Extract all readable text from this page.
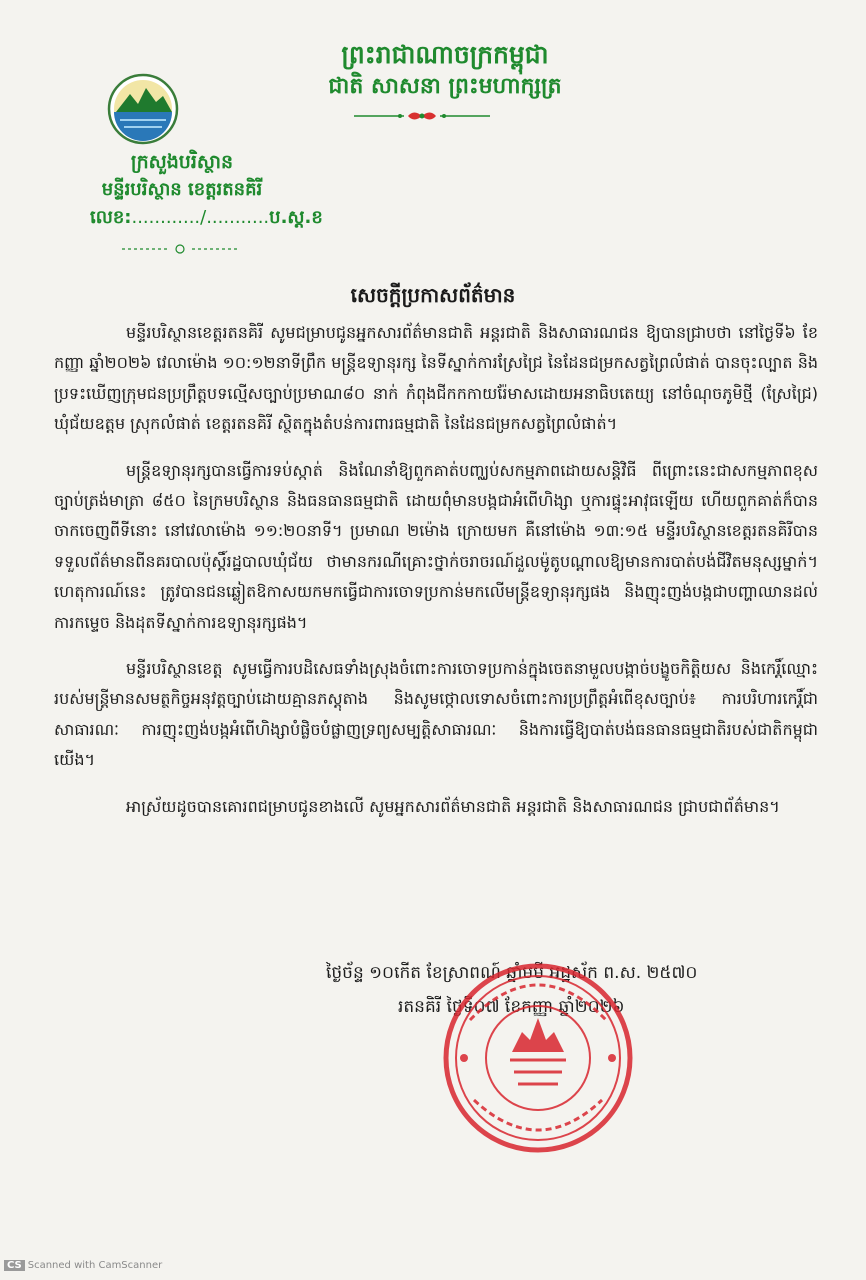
ព្រះរាជាណាចក្រកម្ពុជា
ជាតិ សាសនា ព្រះមហាក្សត្រ
ក្រសួងបរិស្ថាន
មន្ទីរបរិស្ថាន ខេត្តរតនគិរី
លេខ:............/...........ប.ស្ត.ខ
សេចក្តីប្រកាសព័ត៌មាន

មន្ទីរបរិស្ថានខេត្តរតនគិរី សូមជម្រាបជូនអ្នកសារព័ត៌មានជាតិ អន្តរជាតិ និងសាធារណជន ឱ្យបានជ្រាបថា នៅថ្ងៃទី៦ ខែកញ្ញា ឆ្នាំ២០២៦ វេលាម៉ោង ១០:១២នាទីព្រឹក មន្ត្រីឧទ្យានុរក្ស នៃទីស្នាក់ការស្រែជ្រៃ នៃដែនជម្រកសត្វព្រៃលំផាត់ បានចុះល្បាត និងប្រទះឃើញក្រុមជនប្រព្រឹត្តបទល្មើសច្បាប់ប្រមាណ៨០ នាក់ កំពុងជីកកកាយរ៉ែមាសដោយអនាធិបតេយ្យ នៅចំណុចភូមិថ្មី (ស្រែជ្រៃ) ឃុំជ័យឧត្តម ស្រុកលំផាត់ ខេត្តរតនគិរី ស្ថិតក្នុងតំបន់ការពារធម្មជាតិ នៃដែនជម្រកសត្វព្រៃលំផាត់។

មន្ត្រីឧទ្យានុរក្សបានធ្វើការទប់ស្កាត់ និងណែនាំឱ្យពួកគាត់បញ្ឈប់សកម្មភាពដោយសន្តិវិធី ពីព្រោះនេះជាសកម្មភាពខុសច្បាប់ត្រង់មាត្រា ៨៥០ នៃក្រមបរិស្ថាន និងធនធានធម្មជាតិ ដោយពុំមានបង្កជាអំពើហិង្សា ឬការផ្ទុះអាវុធឡើយ ហើយពួកគាត់ក៏បានចាកចេញពីទីនោះ នៅវេលាម៉ោង ១១:២០នាទី។ ប្រមាណ ២ម៉ោង ក្រោយមក គឺនៅម៉ោង ១៣:១៥ មន្ទីរបរិស្ថានខេត្តរតនគិរីបានទទួលព័ត៌មានពីនគរបាលប៉ុស្តិ៍រដ្ឋបាលឃុំជ័យ ថាមានករណីគ្រោះថ្នាក់ចរាចរណ៍ដួលម៉ូតូបណ្តាលឱ្យមានការបាត់បង់ជីវិតមនុស្សម្នាក់។ ហេតុការណ៍នេះ ត្រូវបានជនឆ្លៀតឱកាសយកមកធ្វើជាការចោទប្រកាន់មកលើមន្ត្រីឧទ្យានុរក្សផង និងញុះញង់បង្កជាបញ្ហាឈានដល់ការកម្ទេច និងដុតទីស្នាក់ការឧទ្យានុរក្សផង។

មន្ទីរបរិស្ថានខេត្ត សូមធ្វើការបដិសេធទាំងស្រុងចំពោះការចោទប្រកាន់ក្នុងចេតនាមួលបង្កាច់បង្ខូចកិត្តិយស និងកេរ្តិ៍ឈ្មោះរបស់មន្ត្រីមានសមត្ថកិច្ចអនុវត្តច្បាប់ដោយគ្មានភស្តុតាង និងសូមថ្កោលទោសចំពោះការប្រព្រឹត្តអំពើខុសច្បាប់៖ ការបរិហារកេរ្តិ៍ជាសាធារណៈ ការញុះញង់បង្កអំពើហិង្សាបំផ្លិចបំផ្លាញទ្រព្យសម្បត្តិសាធារណៈ និងការធ្វើឱ្យបាត់បង់ធនធានធម្មជាតិរបស់ជាតិកម្ពុជាយើង។

អាស្រ័យដូចបានគោរពជម្រាបជូនខាងលើ សូមអ្នកសារព័ត៌មានជាតិ អន្តរជាតិ និងសាធារណជន ជ្រាបជាព័ត៌មាន។

ថ្ងៃច័ន្ទ ១០កើត ខែស្រាពណ៍ ឆ្នាំមមី អដ្ឋស័ក ព.ស. ២៥៧០
រតនគិរី ថ្ងៃទី០៧ ខែកញ្ញា ឆ្នាំ២០២៦
CS Scanned with CamScanner
